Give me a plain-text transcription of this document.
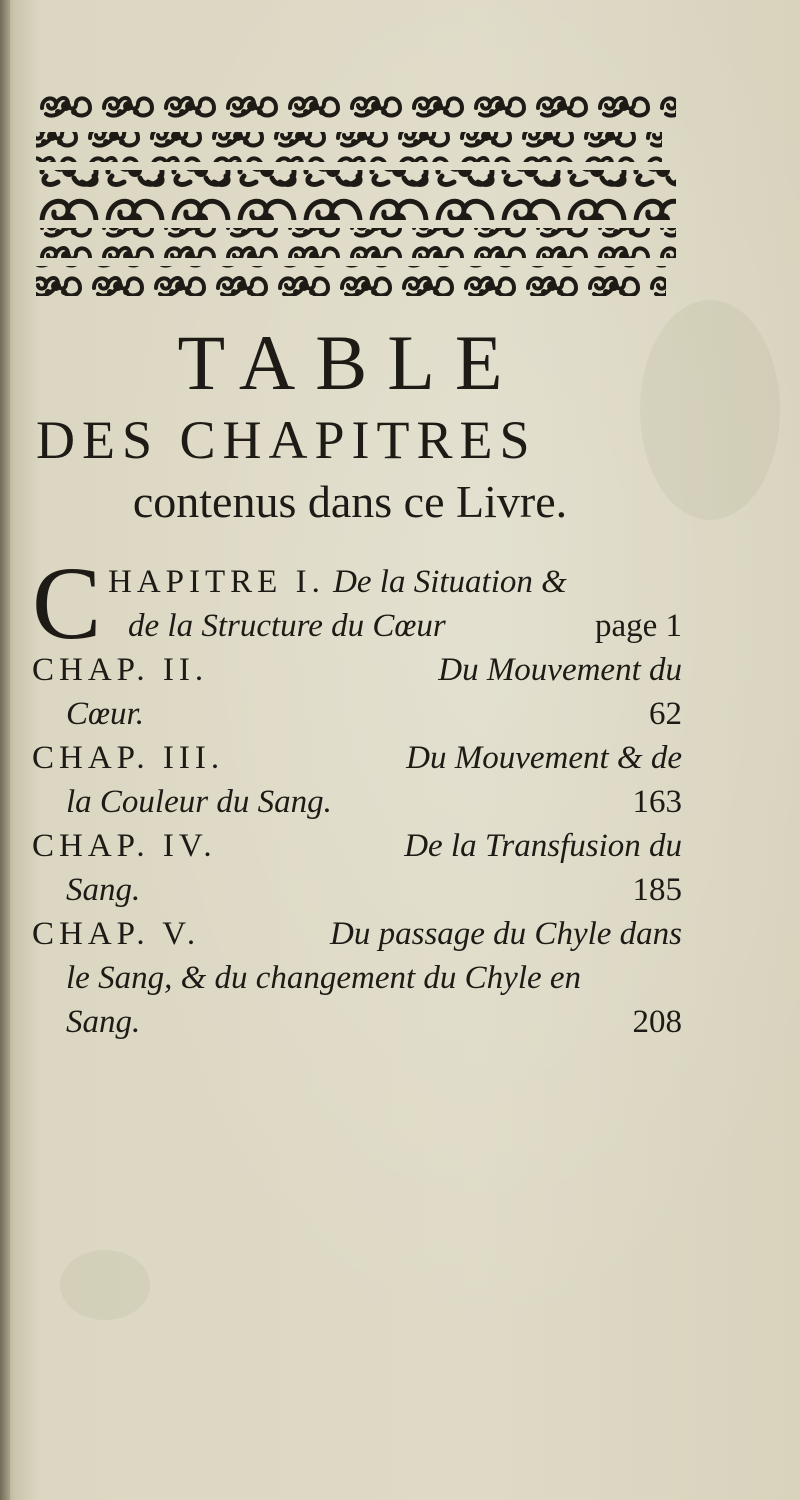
TABLE
DES CHAPITRES
contenus dans ce Livre.
C HAPITRE I. De la Situation &
de la Structure du Cœur	page 1
CHAP. II.	Du Mouvement du
Cœur.	62
CHAP. III.	Du Mouvement & de
la Couleur du Sang.	163
CHAP. IV.	De la Transfusion du
Sang.	185
CHAP. V.	Du passage du Chyle dans
le Sang, & du changement du Chyle en
Sang.	208
